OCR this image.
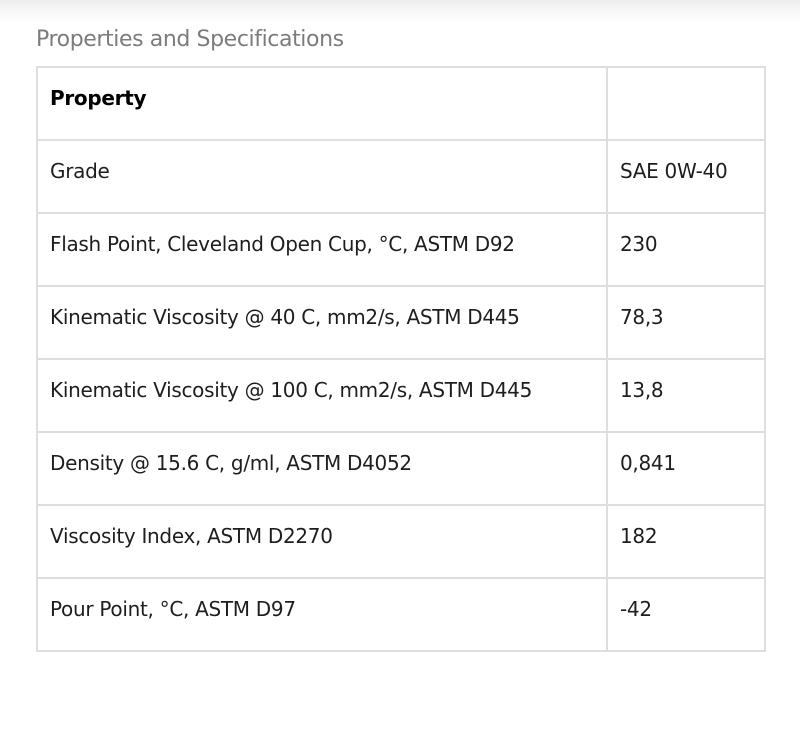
Properties and Specifications
Property	

Grade	SAE 0W-40

Flash Point, Cleveland Open Cup, °C, ASTM D92	230

Kinematic Viscosity @ 40 C, mm2/s, ASTM D445	78,3

Kinematic Viscosity @ 100 C, mm2/s, ASTM D445	13,8

Density @ 15.6 C, g/ml, ASTM D4052	0,841

Viscosity Index, ASTM D2270	182

Pour Point, °C, ASTM D97	-42
